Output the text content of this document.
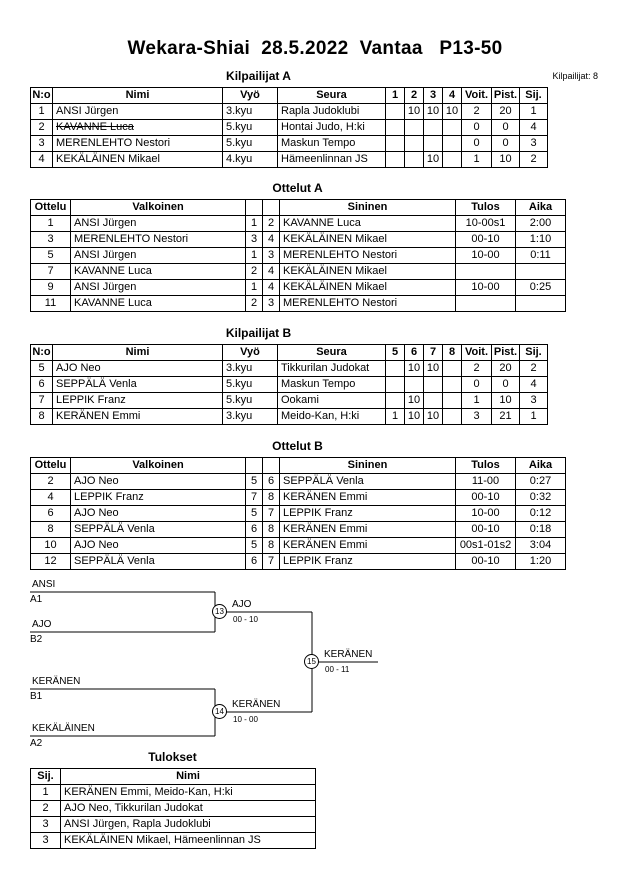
Wekara-Shiai  28.5.2022  Vantaa   P13-50
Kilpailijat: 8
Kilpailijat A
N:o	Nimi	Vyö	Seura	1	2	3	4	Voit.	Pist.	Sij.
1	ANSI Jürgen	3.kyu	Rapla Judoklubi		10	10	10	2	20	1
2	KAVANNE Luca	5.kyu	Hontai Judo, H:ki					0	0	4
3	MERENLEHTO Nestori	5.kyu	Maskun Tempo					0	0	3
4	KEKÄLÄINEN Mikael	4.kyu	Hämeenlinnan JS			10		1	10	2
Ottelut A
Ottelu	Valkoinen			Sininen	Tulos	Aika
1	ANSI Jürgen	1	2	KAVANNE Luca	10-00s1	2:00
3	MERENLEHTO Nestori	3	4	KEKÄLÄINEN Mikael	00-10	1:10
5	ANSI Jürgen	1	3	MERENLEHTO Nestori	10-00	0:11
7	KAVANNE Luca	2	4	KEKÄLÄINEN Mikael		
9	ANSI Jürgen	1	4	KEKÄLÄINEN Mikael	10-00	0:25
11	KAVANNE Luca	2	3	MERENLEHTO Nestori		
Kilpailijat B
N:o	Nimi	Vyö	Seura	5	6	7	8	Voit.	Pist.	Sij.
5	AJO Neo	3.kyu	Tikkurilan Judokat		10	10		2	20	2
6	SEPPÄLÄ Venla	5.kyu	Maskun Tempo					0	0	4
7	LEPPIK Franz	5.kyu	Ookami		10			1	10	3
8	KERÄNEN Emmi	3.kyu	Meido-Kan, H:ki	1	10	10		3	21	1
Ottelut B
Ottelu	Valkoinen			Sininen	Tulos	Aika
2	AJO Neo	5	6	SEPPÄLÄ Venla	11-00	0:27
4	LEPPIK Franz	7	8	KERÄNEN Emmi	00-10	0:32
6	AJO Neo	5	7	LEPPIK Franz	10-00	0:12
8	SEPPÄLÄ Venla	6	8	KERÄNEN Emmi	00-10	0:18
10	AJO Neo	5	8	KERÄNEN Emmi	00s1-01s2	3:04
12	SEPPÄLÄ Venla	6	7	LEPPIK Franz	00-10	1:20
ANSI
A1
AJO
B2
KERÄNEN
B1
KEKÄLÄINEN
A2
13
AJO
00 - 10
14
KERÄNEN
10 - 00
15
KERÄNEN
00 - 11
Tulokset
Sij.	Nimi
1	KERÄNEN Emmi, Meido-Kan, H:ki
2	AJO Neo, Tikkurilan Judokat
3	ANSI Jürgen, Rapla Judoklubi
3	KEKÄLÄINEN Mikael, Hämeenlinnan JS
